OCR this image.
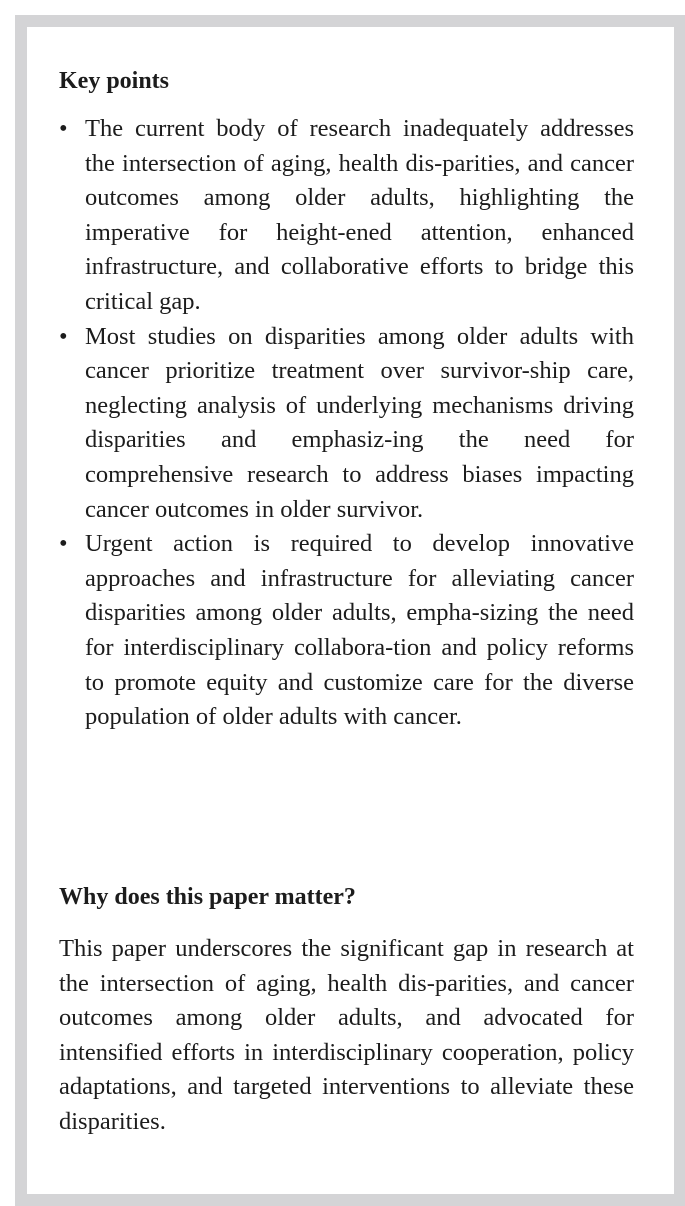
Key points
• The current body of research inadequately addresses the intersection of aging, health dis-parities, and cancer outcomes among older adults, highlighting the imperative for height-ened attention, enhanced infrastructure, and collaborative efforts to bridge this critical gap.
• Most studies on disparities among older adults with cancer prioritize treatment over survivor-ship care, neglecting analysis of underlying mechanisms driving disparities and emphasiz-ing the need for comprehensive research to address biases impacting cancer outcomes in older survivor.
• Urgent action is required to develop innovative approaches and infrastructure for alleviating cancer disparities among older adults, empha-sizing the need for interdisciplinary collabora-tion and policy reforms to promote equity and customize care for the diverse population of older adults with cancer.
Why does this paper matter?

This paper underscores the significant gap in research at the intersection of aging, health dis-parities, and cancer outcomes among older adults, and advocated for intensified efforts in interdisciplinary cooperation, policy adaptations, and targeted interventions to alleviate these disparities.
